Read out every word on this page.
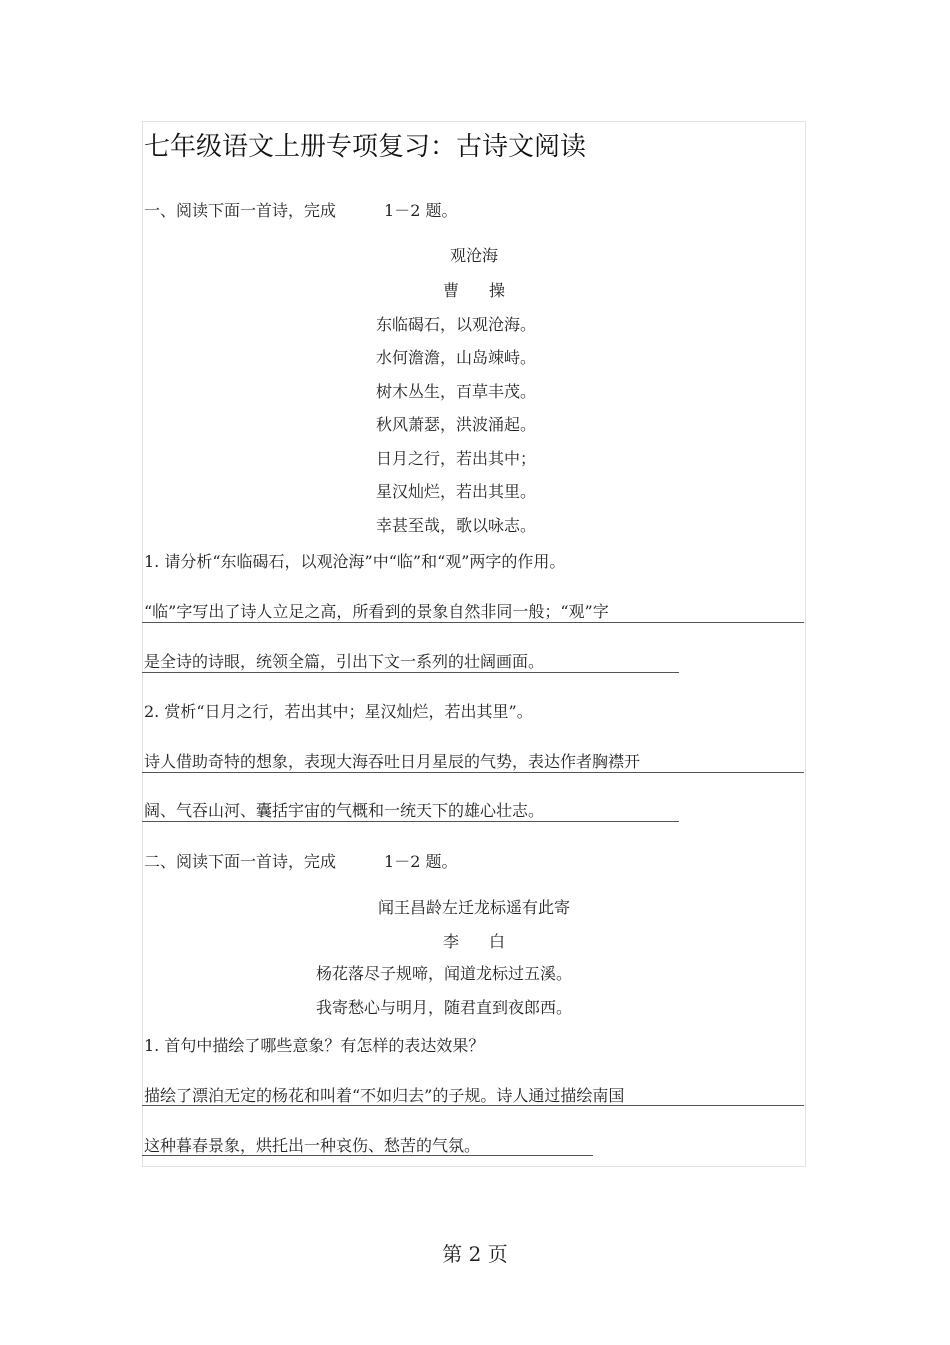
七年级语文上册专项复习：古诗文阅读
一、阅读下面一首诗，完成	1－2 题。
观沧海
曹 操
东临碣石，以观沧海。
水何澹澹，山岛竦峙。
树木丛生，百草丰茂。
秋风萧瑟，洪波涌起。
日月之行，若出其中；
星汉灿烂，若出其里。
幸甚至哉，歌以咏志。
1. 请分析“东临碣石，以观沧海”中“临”和“观”两字的作用。
“临”字写出了诗人立足之高，所看到的景象自然非同一般；“观”字
是全诗的诗眼，统领全篇，引出下文一系列的壮阔画面。
2. 赏析“日月之行，若出其中；星汉灿烂，若出其里”。
诗人借助奇特的想象，表现大海吞吐日月星辰的气势，表达作者胸襟开
阔、气吞山河、囊括宇宙的气概和一统天下的雄心壮志。
二、阅读下面一首诗，完成	1－2 题。
闻王昌龄左迁龙标遥有此寄
李 白
杨花落尽子规啼，闻道龙标过五溪。
我寄愁心与明月，随君直到夜郎西。
1. 首句中描绘了哪些意象？有怎样的表达效果？
描绘了漂泊无定的杨花和叫着“不如归去”的子规。诗人通过描绘南国
这种暮春景象，烘托出一种哀伤、愁苦的气氛。
第 2 页
